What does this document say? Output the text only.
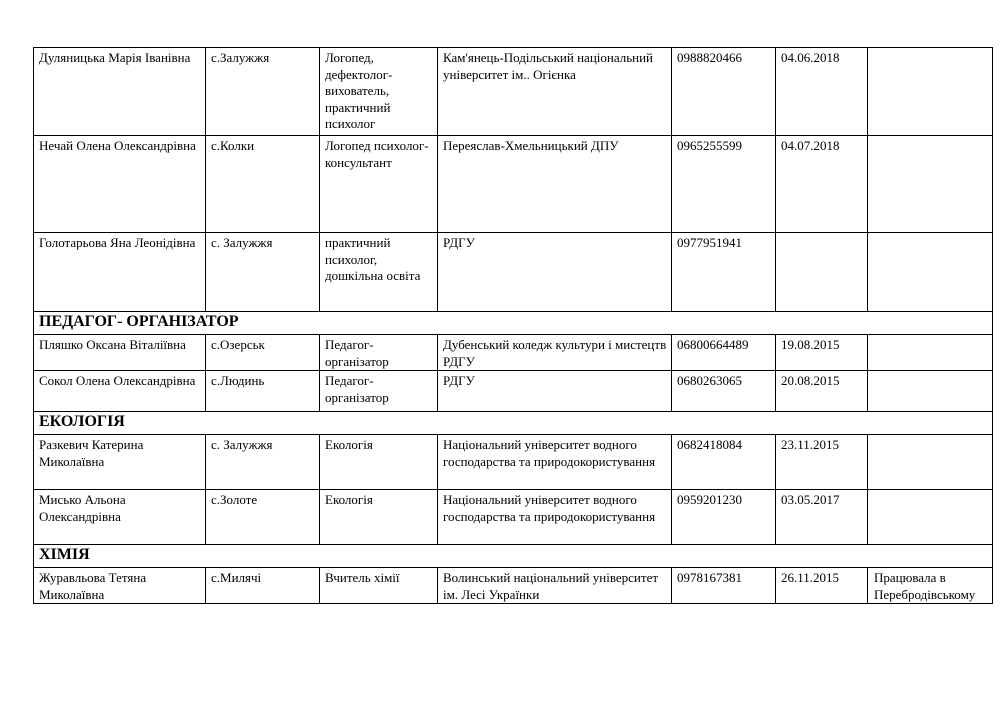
Дуляницька Марія Іванівна	с.Залужжя	Логопед, дефектолог-вихователь, практичний психолог	Кам'янець-Подільський національний університет ім.. Огієнка	0988820466	04.06.2018	
Нечай Олена Олександрівна	с.Колки	Логопед психолог-консультант	Переяслав-Хмельницький ДПУ	0965255599	04.07.2018	
Голотарьова Яна Леонідівна	с. Залужжя	практичний психолог, дошкільна освіта	РДГУ	0977951941		
ПЕДАГОГ- ОРГАНІЗАТОР						
Пляшко Оксана Віталіївна	с.Озерськ	Педагог-організатор	Дубенський коледж культури і мистецтв РДГУ	06800664489	19.08.2015	
Сокол Олена Олександрівна	с.Людинь	Педагог-організатор	РДГУ	0680263065	20.08.2015	
ЕКОЛОГІЯ						
Разкевич Катерина Миколаївна	с. Залужжя	Екологія	Національний університет водного господарства та природокористування	0682418084	23.11.2015	
Мисько Альона Олександрівна	с.Золоте	Екологія	Національний університет водного господарства та природокористування	0959201230	03.05.2017	
ХІМІЯ						
Журавльова Тетяна Миколаївна	с.Милячі	Вчитель хімії	Волинський національний університет ім. Лесі Українки	0978167381	26.11.2015	Працювала в Перебродівському
